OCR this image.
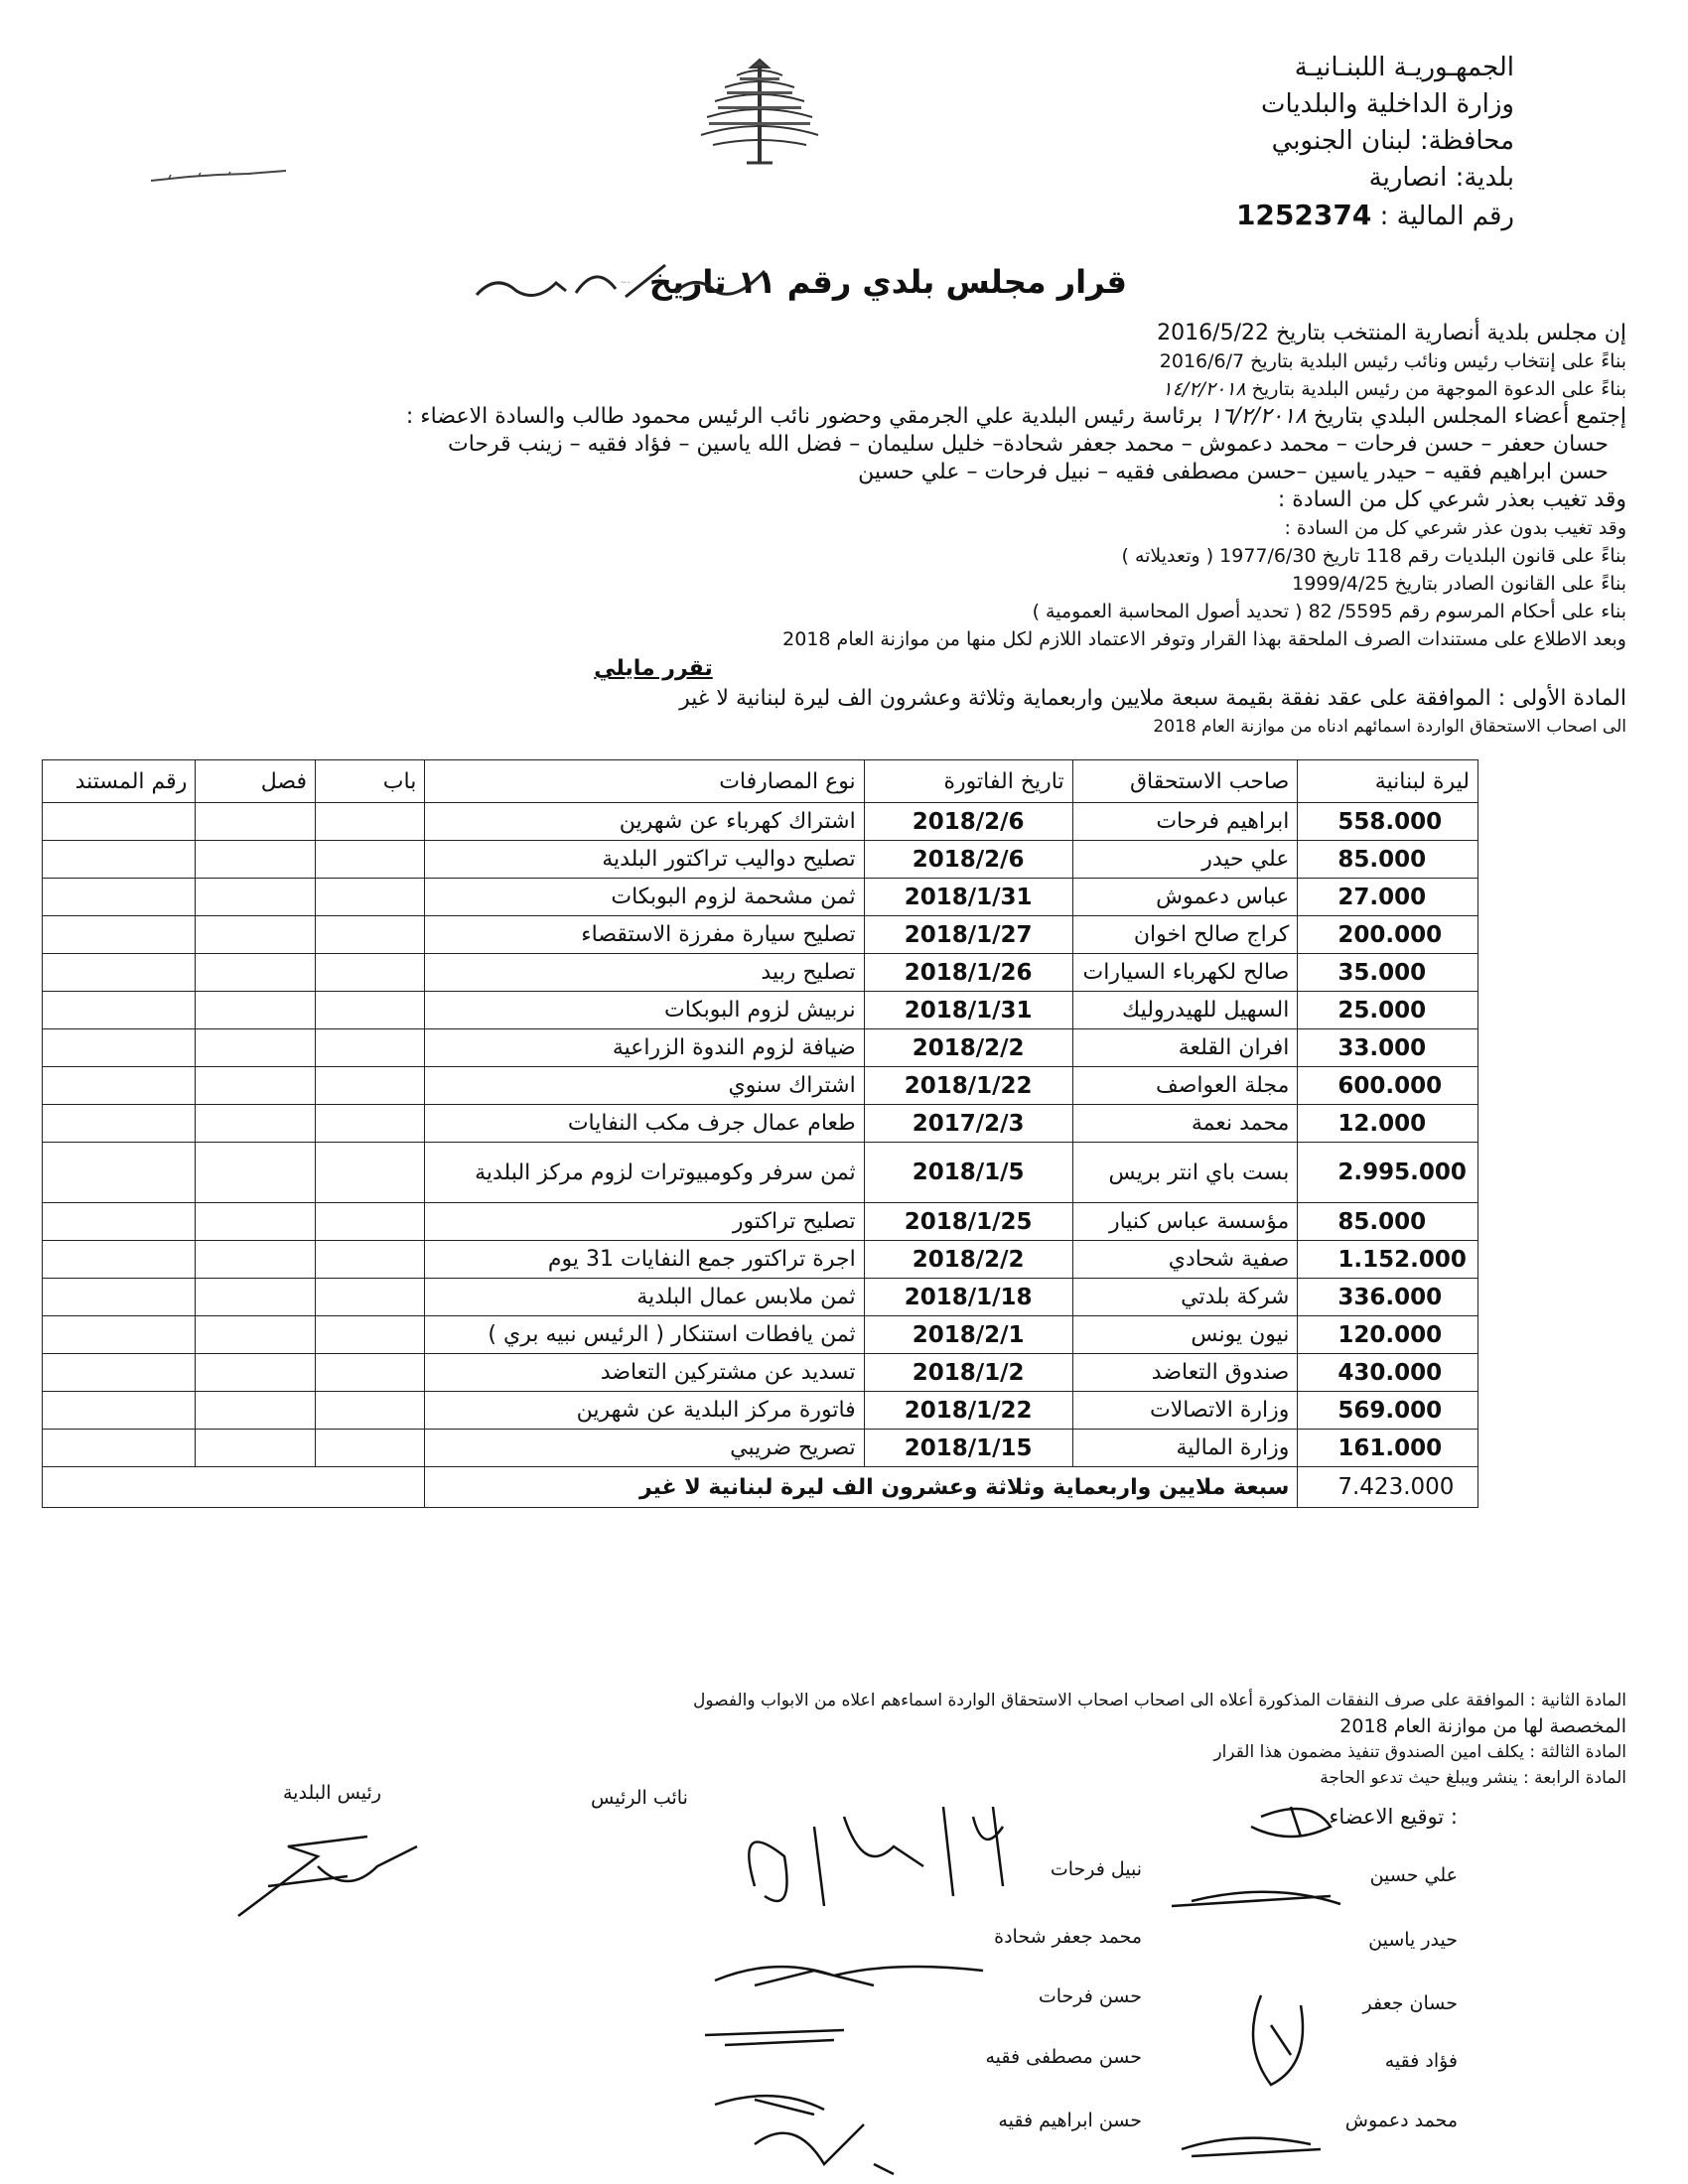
الجمهـوريـة اللبنـانيـة
وزارة الداخلية والبلديات
محافظة: لبنان الجنوبي
بلدية: انصارية
رقم المالية : 1252374
قرار مجلس بلدي رقم ١١ تاريخ
١٦/٢/٢٠١٨
إن مجلس بلدية أنصارية المنتخب بتاريخ 2016/5/22
بناءً على إنتخاب رئيس ونائب رئيس البلدية بتاريخ 2016/6/7
بناءً على الدعوة الموجهة من رئيس البلدية بتاريخ ١٤/٢/٢٠١٨
إجتمع أعضاء المجلس البلدي بتاريخ ١٦/٢/٢٠١٨ برئاسة رئيس البلدية علي الجرمقي وحضور نائب الرئيس محمود طالب والسادة الاعضاء :
حسان حعفر – حسن فرحات – محمد دعموش – محمد جعفر شحادة– خليل سليمان – فضل الله ياسين – فؤاد فقيه – زينب قرحات
حسن ابراهيم فقيه – حيدر ياسين –حسن مصطفى فقيه – نبيل فرحات – علي حسين
وقد تغيب بعذر شرعي كل من السادة :
وقد تغيب بدون عذر شرعي كل من السادة :
بناءً على قانون البلديات رقم 118 تاريخ 1977/6/30 ( وتعديلاته )
بناءً على القانون الصادر بتاريخ 1999/4/25
بناء على أحكام المرسوم رقم 5595/ 82 ( تحديد أصول المحاسبة العمومية )
وبعد الاطلاع على مستندات الصرف الملحقة بهذا القرار وتوفر الاعتماد اللازم لكل منها من موازنة العام 2018
تقرر مايلي
المادة الأولى : الموافقة على عقد نفقة بقيمة سبعة ملايين واربعماية وثلاثة وعشرون الف ليرة لبنانية لا غير
الى اصحاب الاستحقاق الواردة اسمائهم ادناه من موازنة العام 2018
ليرة لبنانية	صاحب الاستحقاق	تاريخ الفاتورة	نوع المصارفات	باب	فصل	رقم المستند
558.000	ابراهيم فرحات	2018/2/6	اشتراك كهرباء عن شهرين			
85.000	علي حيدر	2018/2/6	تصليح دواليب تراكتور البلدية			
27.000	عباس دعموش	2018/1/31	ثمن مشحمة لزوم البوبكات			
200.000	كراج صالح اخوان	2018/1/27	تصليح سيارة مفرزة الاستقصاء			
35.000	صالح لكهرباء السيارات	2018/1/26	تصليح ربيد			
25.000	السهيل للهيدروليك	2018/1/31	نربيش لزوم البوبكات			
33.000	افران القلعة	2018/2/2	ضيافة لزوم الندوة الزراعية			
600.000	مجلة العواصف	2018/1/22	اشتراك سنوي			
12.000	محمد نعمة	2017/2/3	طعام عمال جرف مكب النفايات			
2.995.000	بست باي انتر بريس	2018/1/5	ثمن سرفر وكومبيوترات لزوم مركز البلدية			
85.000	مؤسسة عباس كنيار	2018/1/25	تصليح تراكتور			
1.152.000	صفية شحادي	2018/2/2	اجرة تراكتور جمع النفايات 31 يوم			
336.000	شركة بلدتي	2018/1/18	ثمن ملابس عمال البلدية			
120.000	نيون يونس	2018/2/1	ثمن يافطات استنكار ( الرئيس نبيه بري )			
430.000	صندوق التعاضد	2018/1/2	تسديد عن مشتركين التعاضد			
569.000	وزارة الاتصالات	2018/1/22	فاتورة مركز البلدية عن شهرين			
161.000	وزارة المالية	2018/1/15	تصريح ضريبي			
7.423.000	سبعة ملايين واربعماية وثلاثة وعشرون الف ليرة لبنانية لا غير					
المادة الثانية : الموافقة على صرف النفقات المذكورة أعلاه الى اصحاب اصحاب الاستحقاق الواردة اسماءهم اعلاه من الابواب والفصول
المخصصة لها من موازنة العام 2018
المادة الثالثة : يكلف امين الصندوق تنفيذ مضمون هذا القرار
المادة الرابعة : ينشر ويبلغ حيث تدعو الحاجة
رئيس البلدية	نائب الرئيس
توقيع الاعضاء :
علي حسين
حيدر ياسين
حسان جعفر
فؤاد فقيه
محمد دعموش
نبيل فرحات
محمد جعفر شحادة
حسن فرحات
حسن مصطفى فقيه
حسن ابراهيم فقيه
